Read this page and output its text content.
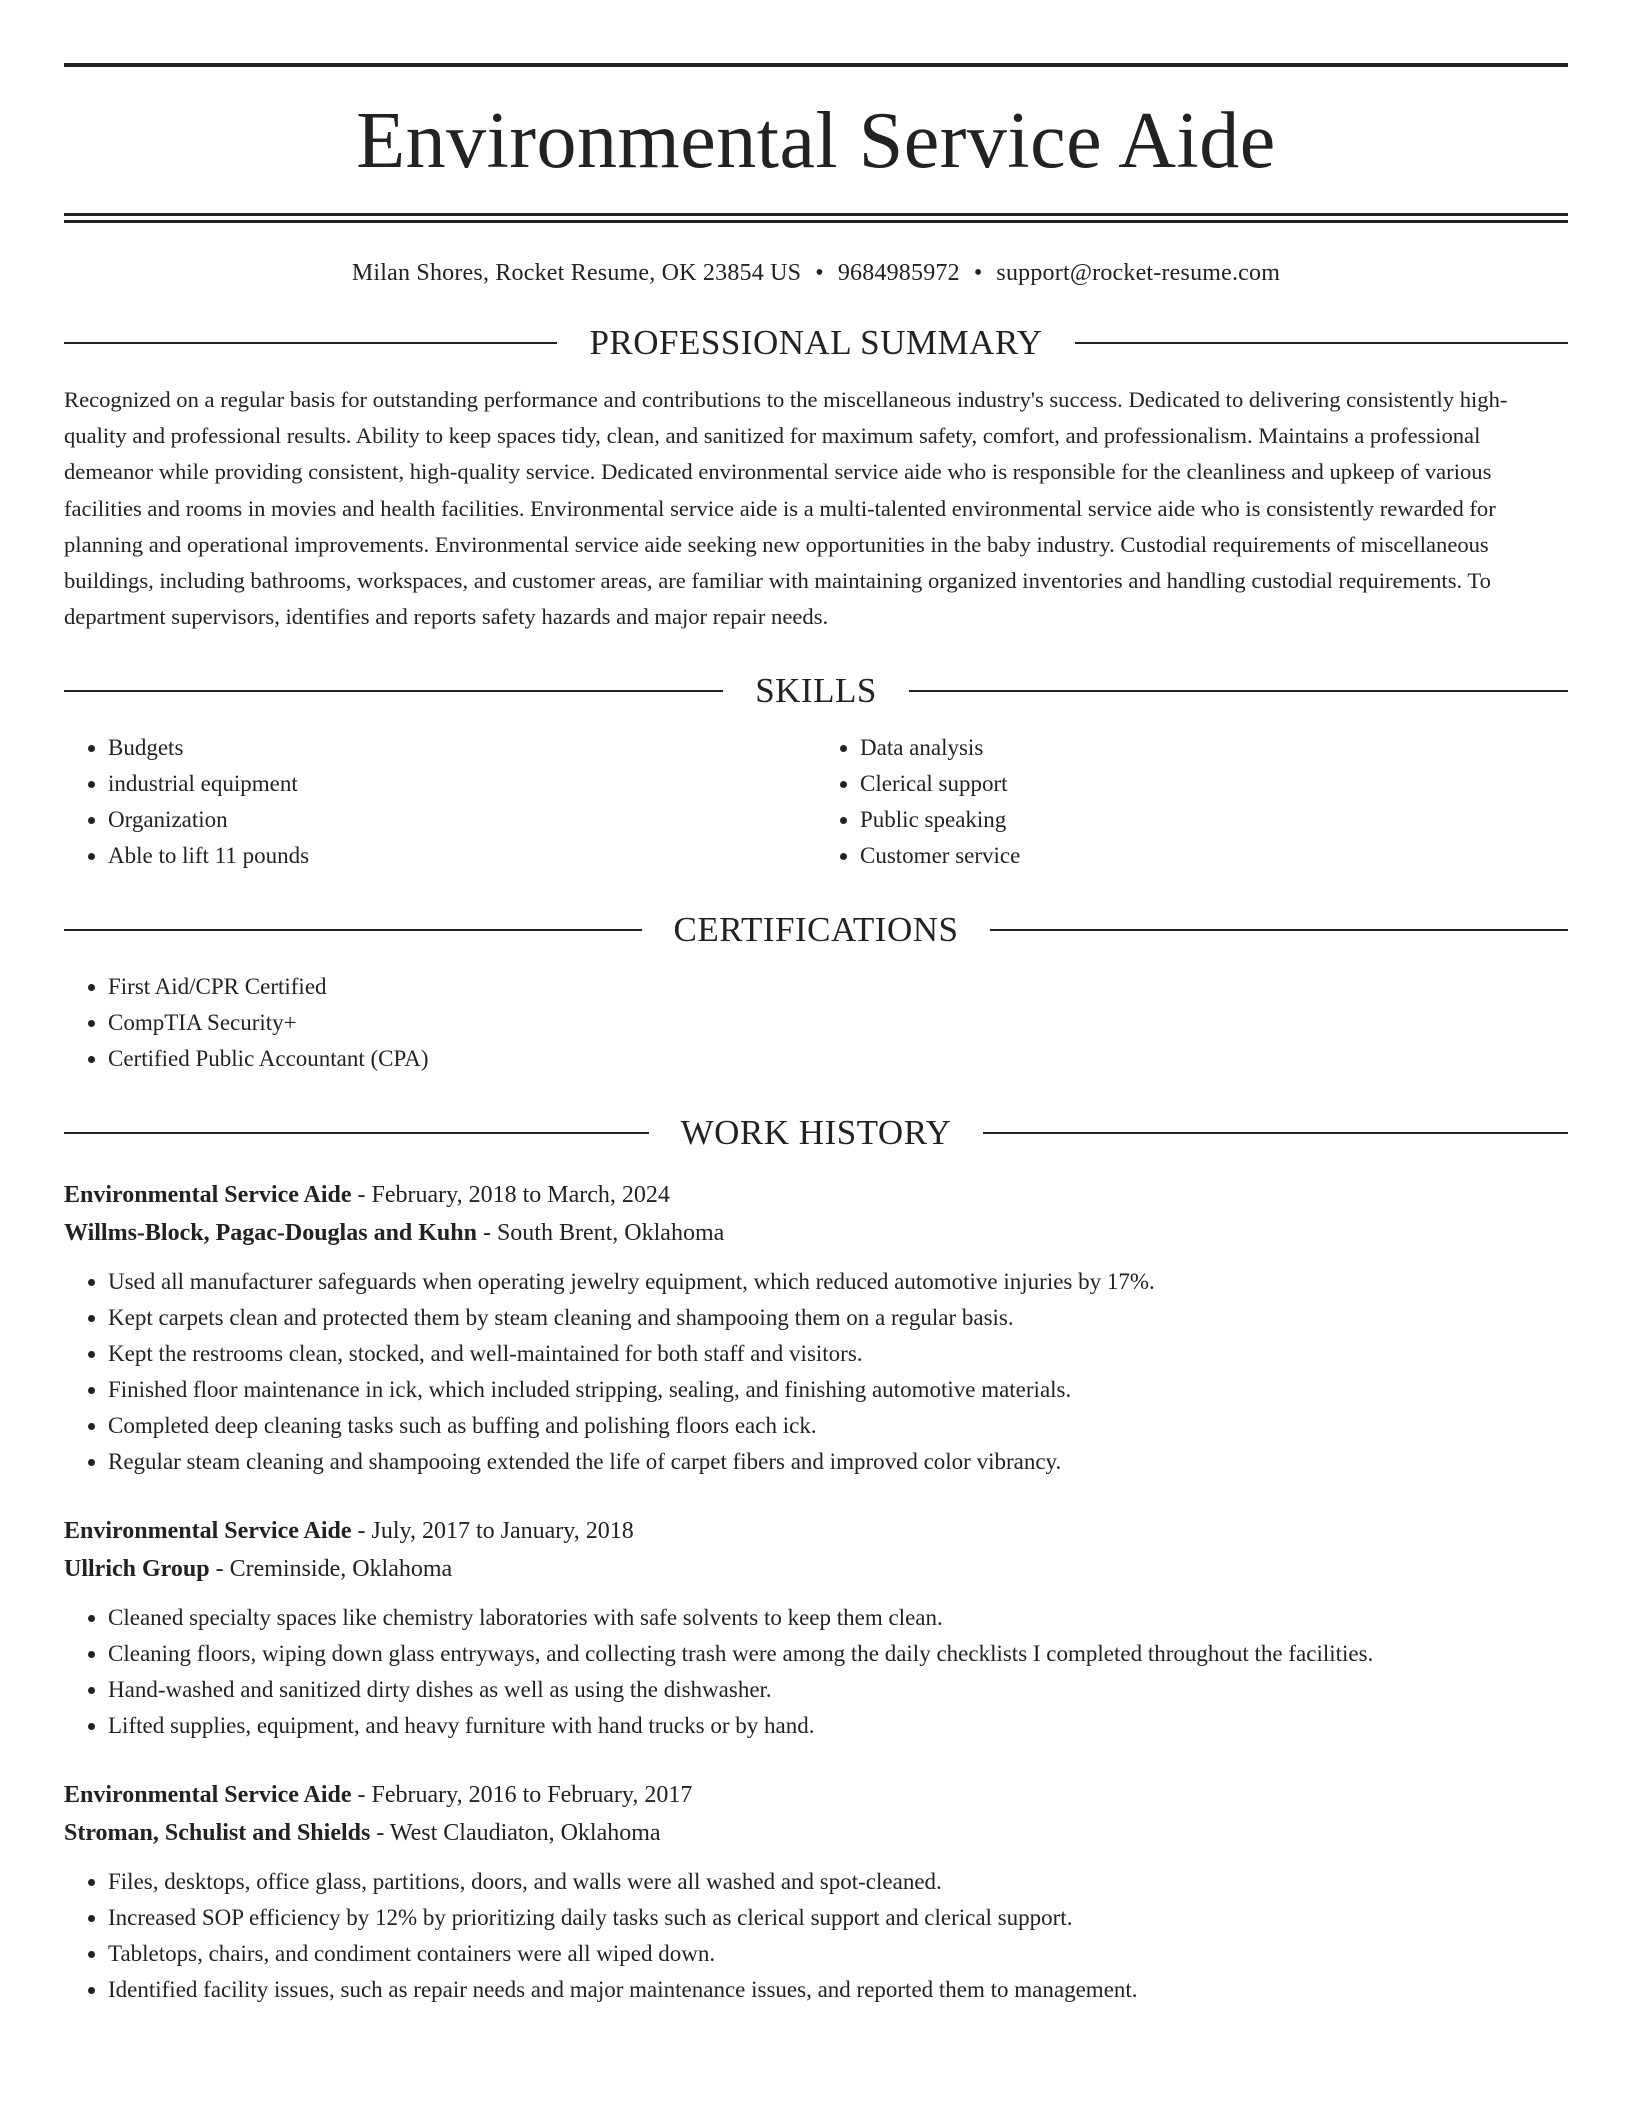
Environmental Service Aide
Milan Shores, Rocket Resume, OK 23854 US • 9684985972 • support@rocket-resume.com
PROFESSIONAL SUMMARY
Recognized on a regular basis for outstanding performance and contributions to the miscellaneous industry's success. Dedicated to delivering consistently high-quality and professional results. Ability to keep spaces tidy, clean, and sanitized for maximum safety, comfort, and professionalism. Maintains a professional demeanor while providing consistent, high-quality service. Dedicated environmental service aide who is responsible for the cleanliness and upkeep of various facilities and rooms in movies and health facilities. Environmental service aide is a multi-talented environmental service aide who is consistently rewarded for planning and operational improvements. Environmental service aide seeking new opportunities in the baby industry. Custodial requirements of miscellaneous buildings, including bathrooms, workspaces, and customer areas, are familiar with maintaining organized inventories and handling custodial requirements. To department supervisors, identifies and reports safety hazards and major repair needs.
SKILLS
• Budgets
• industrial equipment
• Organization
• Able to lift 11 pounds
• Data analysis
• Clerical support
• Public speaking
• Customer service
CERTIFICATIONS
• First Aid/CPR Certified
• CompTIA Security+
• Certified Public Accountant (CPA)
WORK HISTORY
Environmental Service Aide - February, 2018 to March, 2024
Willms-Block, Pagac-Douglas and Kuhn - South Brent, Oklahoma
• Used all manufacturer safeguards when operating jewelry equipment, which reduced automotive injuries by 17%.
• Kept carpets clean and protected them by steam cleaning and shampooing them on a regular basis.
• Kept the restrooms clean, stocked, and well-maintained for both staff and visitors.
• Finished floor maintenance in ick, which included stripping, sealing, and finishing automotive materials.
• Completed deep cleaning tasks such as buffing and polishing floors each ick.
• Regular steam cleaning and shampooing extended the life of carpet fibers and improved color vibrancy.
Environmental Service Aide - July, 2017 to January, 2018
Ullrich Group - Creminside, Oklahoma
• Cleaned specialty spaces like chemistry laboratories with safe solvents to keep them clean.
• Cleaning floors, wiping down glass entryways, and collecting trash were among the daily checklists I completed throughout the facilities.
• Hand-washed and sanitized dirty dishes as well as using the dishwasher.
• Lifted supplies, equipment, and heavy furniture with hand trucks or by hand.
Environmental Service Aide - February, 2016 to February, 2017
Stroman, Schulist and Shields - West Claudiaton, Oklahoma
• Files, desktops, office glass, partitions, doors, and walls were all washed and spot-cleaned.
• Increased SOP efficiency by 12% by prioritizing daily tasks such as clerical support and clerical support.
• Tabletops, chairs, and condiment containers were all wiped down.
• Identified facility issues, such as repair needs and major maintenance issues, and reported them to management.
